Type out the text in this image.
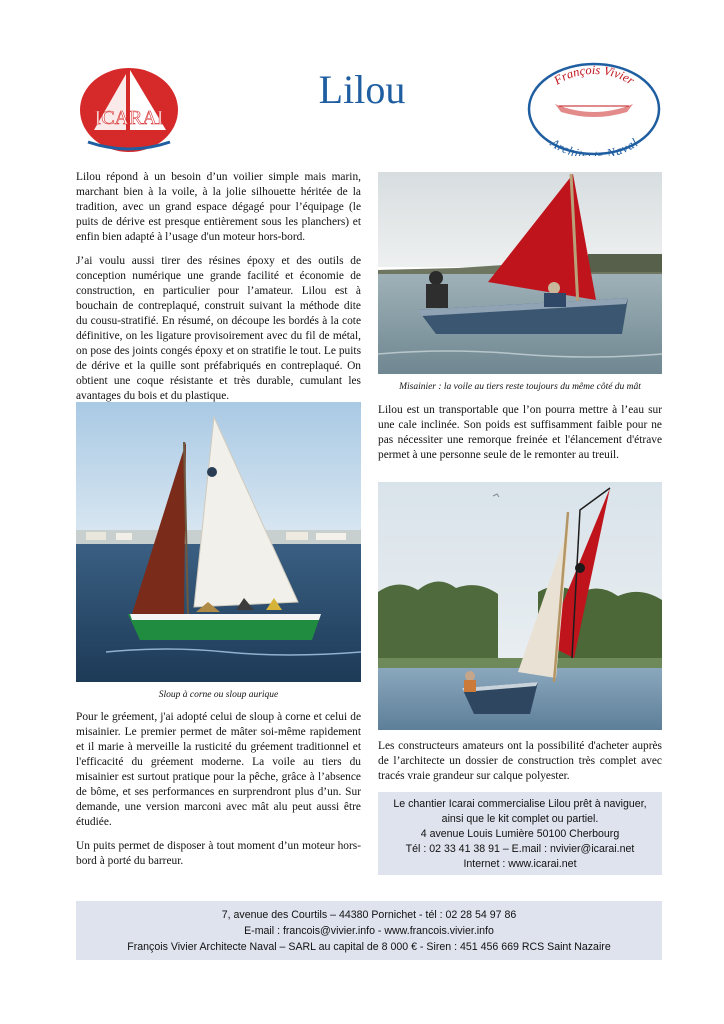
ICARAI
Lilou	François Vivier
Architecte Naval

Lilou répond à un besoin d’un voilier simple mais marin, marchant bien à la voile, à la jolie silhouette héritée de la tradition, avec un grand espace dégagé pour l’équipage (le puits de dérive est presque entièrement sous les planchers) et enfin bien adapté à l’usage d'un moteur hors-bord.

J’ai voulu aussi tirer des résines époxy et des outils de conception numérique une grande facilité et économie de construction, en particulier pour l’amateur. Lilou est à bouchain de contreplaqué, construit suivant la méthode dite du cousu-stratifié. En résumé, on découpe les bordés à la cote définitive, on les ligature provisoirement avec du fil de métal, on pose des joints congés époxy et on stratifie le tout. Le puits de dérive et la quille sont préfabriqués en contreplaqué. On obtient une coque résistante et très durable, cumulant les avantages du bois et du plastique.

Sloup à corne ou sloup aurique

Pour le gréement, j'ai adopté celui de sloup à corne et celui de misainier. Le premier permet de mâter soi-même rapidement et il marie à merveille la rusticité du gréement traditionnel et l'efficacité du gréement moderne. La voile au tiers du misainier est surtout pratique pour la pêche, grâce à l’absence de bôme, et ses performances en surprendront plus d’un. Sur demande, une version marconi avec mât alu peut aussi être étudiée.

Un puits permet de disposer à tout moment d’un moteur hors-bord à porté du barreur.

Misainier : la voile au tiers reste toujours du même côté du mât

Lilou est un transportable que l’on pourra mettre à l’eau sur une cale inclinée. Son poids est suffisamment faible pour ne pas nécessiter une remorque freinée et l'élancement d'étrave permet à une personne seule de le remonter au treuil.

Les constructeurs amateurs ont la possibilité d'acheter auprès de l’architecte un dossier de construction très complet avec tracés vraie grandeur sur calque polyester.

Le chantier Icarai commercialise Lilou prêt à naviguer,
ainsi que le kit complet ou partiel.
4 avenue Louis Lumière 50100 Cherbourg
Tél : 02 33 41 38 91 – E.mail : nvivier@icarai.net
Internet : www.icarai.net
7, avenue des Courtils – 44380 Pornichet - tél : 02 28 54 97 86
E-mail : francois@vivier.info - www.francois.vivier.info
François Vivier Architecte Naval – SARL au capital de 8 000 € - Siren : 451 456 669 RCS Saint Nazaire
